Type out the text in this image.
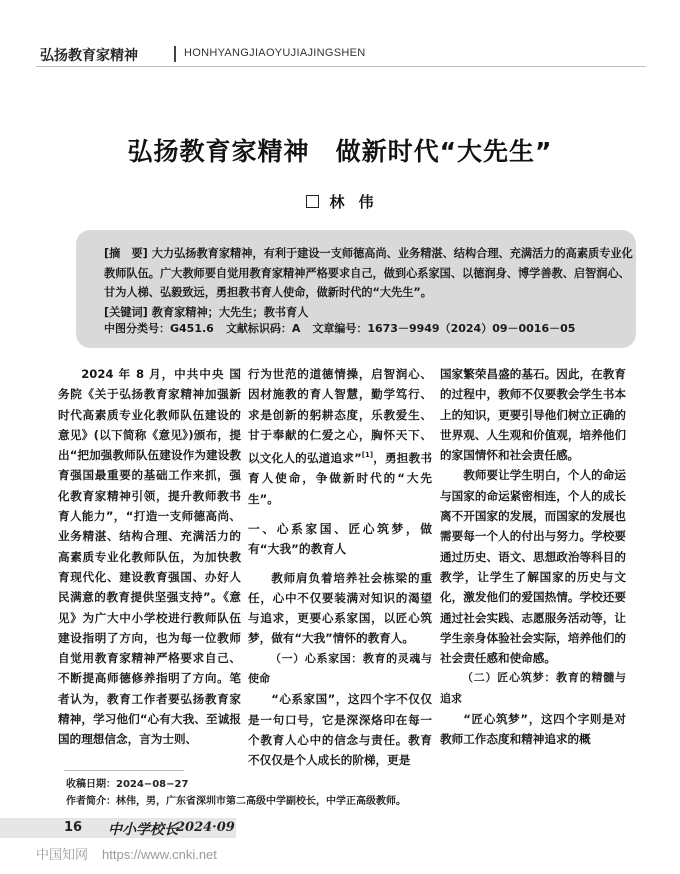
弘扬教育家精神	HONHYANGJIAOYUJIAJINGSHEN
弘扬教育家精神 做新时代“大先生”
林 伟

[摘　要] 大力弘扬教育家精神，有利于建设一支师德高尚、业务精湛、结构合理、充满活力的高素质专业化教师队伍。广大教师要自觉用教育家精神严格要求自己，做到心系家国、以德润身、博学善教、启智润心、甘为人梯、弘毅致远，勇担教书育人使命，做新时代的“大先生”。

[关键词] 教育家精神；大先生；教书育人

中图分类号：G451.6 文献标识码：A 文章编号：1673－9949（2024）09－0016－05

2024 年 8 月，中共中央 国务院《关于弘扬教育家精神加强新时代高素质专业化教师队伍建设的意见》(以下简称《意见》)颁布，提出“把加强教师队伍建设作为建设教育强国最重要的基础工作来抓，强化教育家精神引领，提升教师教书育人能力”，“打造一支师德高尚、业务精湛、结构合理、充满活力的高素质专业化教师队伍，为加快教育现代化、建设教育强国、办好人民满意的教育提供坚强支持”。《意见》为广大中小学校进行教师队伍建设指明了方向，也为每一位教师自觉用教育家精神严格要求自己、不断提高师德修养指明了方向。笔者认为，教育工作者要弘扬教育家精神，学习他们“心有大我、至诚报国的理想信念，言为士则、

行为世范的道德情操，启智润心、因材施教的育人智慧，勤学笃行、求是创新的躬耕态度，乐教爱生、甘于奉献的仁爱之心，胸怀天下、以文化人的弘道追求”[1]，勇担教书育人使命，争做新时代的“大先生”。

一、心系家国、匠心筑梦，做有“大我”的教育人

教师肩负着培养社会栋梁的重任，心中不仅要装满对知识的渴望与追求，更要心系家国，以匠心筑梦，做有“大我”情怀的教育人。

（一）心系家国：教育的灵魂与使命

“心系家国”，这四个字不仅仅是一句口号，它是深深烙印在每一个教育人心中的信念与责任。教育不仅仅是个人成长的阶梯，更是

国家繁荣昌盛的基石。因此，在教育的过程中，教师不仅要教会学生书本上的知识，更要引导他们树立正确的世界观、人生观和价值观，培养他们的家国情怀和社会责任感。

教师要让学生明白，个人的命运与国家的命运紧密相连，个人的成长离不开国家的发展，而国家的发展也需要每一个人的付出与努力。学校要通过历史、语文、思想政治等科目的教学，让学生了解国家的历史与文化，激发他们的爱国热情。学校还要通过社会实践、志愿服务活动等，让学生亲身体验社会实际，培养他们的社会责任感和使命感。

（二）匠心筑梦：教育的精髓与追求

“匠心筑梦”，这四个字则是对教师工作态度和精神追求的概

收稿日期：2024−08−27
作者简介：林伟，男，广东省深圳市第二高级中学副校长，中学正高级教师。
16 中小学校长
2024·09
中国知网 https://www.cnki.net
